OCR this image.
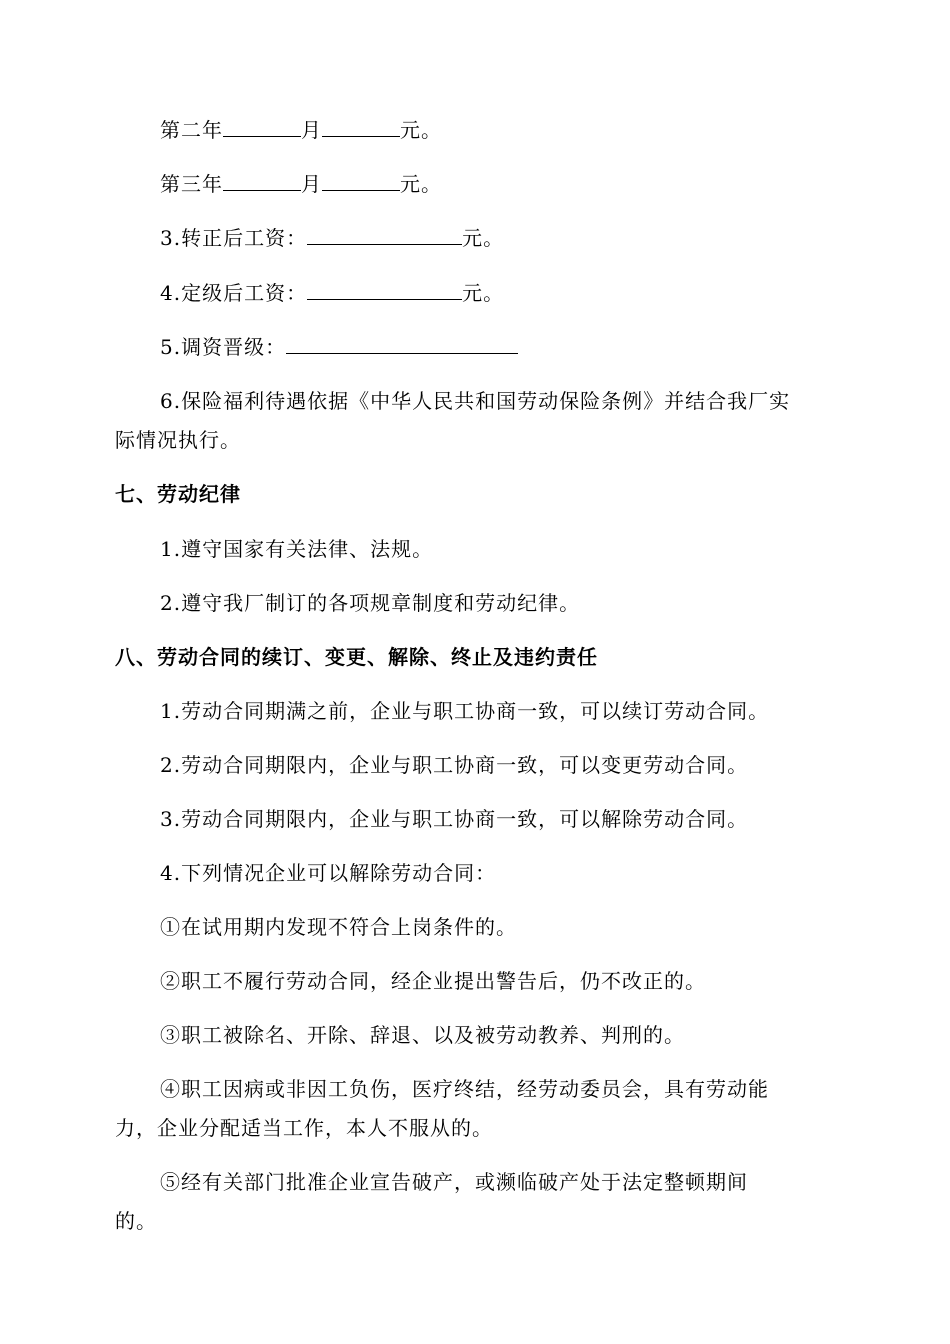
第二年	月	元。
第三年	月	元。
3.转正后工资：	元。
4.定级后工资：	元。
5.调资晋级：
6.保险福利待遇依据《中华人民共和国劳动保险条例》并结合我厂实
际情况执行。
七、劳动纪律
1.遵守国家有关法律、法规。
2.遵守我厂制订的各项规章制度和劳动纪律。
八、劳动合同的续订、变更、解除、终止及违约责任
1.劳动合同期满之前，企业与职工协商一致，可以续订劳动合同。
2.劳动合同期限内，企业与职工协商一致，可以变更劳动合同。
3.劳动合同期限内，企业与职工协商一致，可以解除劳动合同。
4.下列情况企业可以解除劳动合同：
①在试用期内发现不符合上岗条件的。
②职工不履行劳动合同，经企业提出警告后，仍不改正的。
③职工被除名、开除、辞退、以及被劳动教养、判刑的。
④职工因病或非因工负伤，医疗终结，经劳动委员会，具有劳动能
力，企业分配适当工作，本人不服从的。
⑤经有关部门批准企业宣告破产，或濒临破产处于法定整顿期间
的。
